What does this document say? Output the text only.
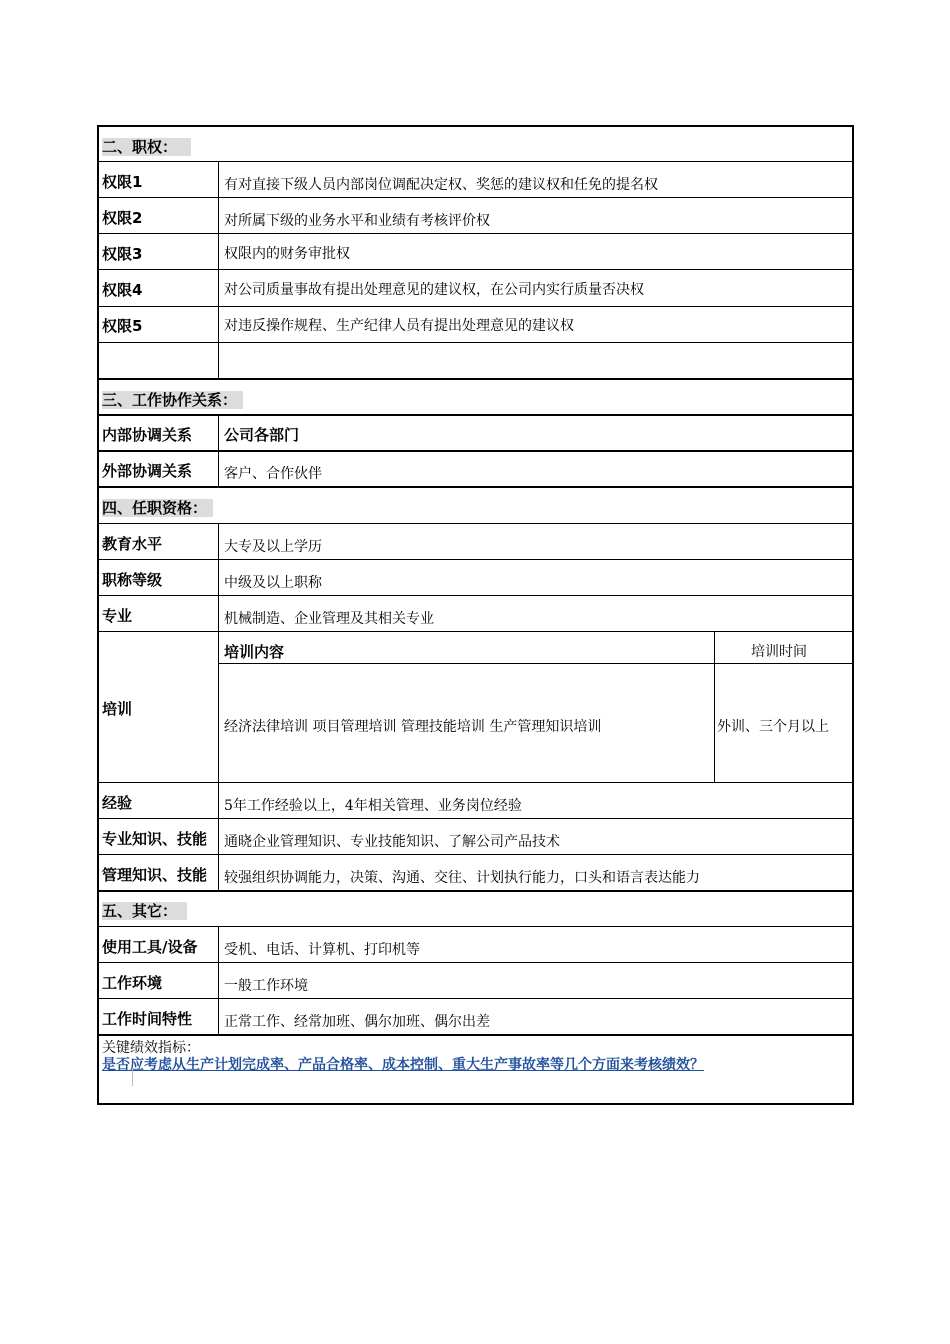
二、职权：
权限1	有对直接下级人员内部岗位调配决定权、奖惩的建议权和任免的提名权
权限2	对所属下级的业务水平和业绩有考核评价权
权限3	权限内的财务审批权
权限4	对公司质量事故有提出处理意见的建议权，在公司内实行质量否决权
权限5	对违反操作规程、生产纪律人员有提出处理意见的建议权
三、工作协作关系：
内部协调关系 公司各部门
外部协调关系 客户、合作伙伴
四、任职资格：
教育水平	大专及以上学历
职称等级	中级及以上职称
专业	机械制造、企业管理及其相关专业
培训
培训内容	培训时间
经济法律培训 项目管理培训 管理技能培训 生产管理知识培训	外训、三个月以上
经验	5年工作经验以上，4年相关管理、业务岗位经验
专业知识、技能 通晓企业管理知识、专业技能知识、了解公司产品技术
管理知识、技能 较强组织协调能力，决策、沟通、交往、计划执行能力，口头和语言表达能力
五、其它：
使用工具/设备 受机、电话、计算机、打印机等
工作环境	一般工作环境
工作时间特性 正常工作、经常加班、偶尔加班、偶尔出差
关键绩效指标：
是否应考虑从生产计划完成率、产品合格率、成本控制、重大生产事故率等几个方面来考核绩效？
